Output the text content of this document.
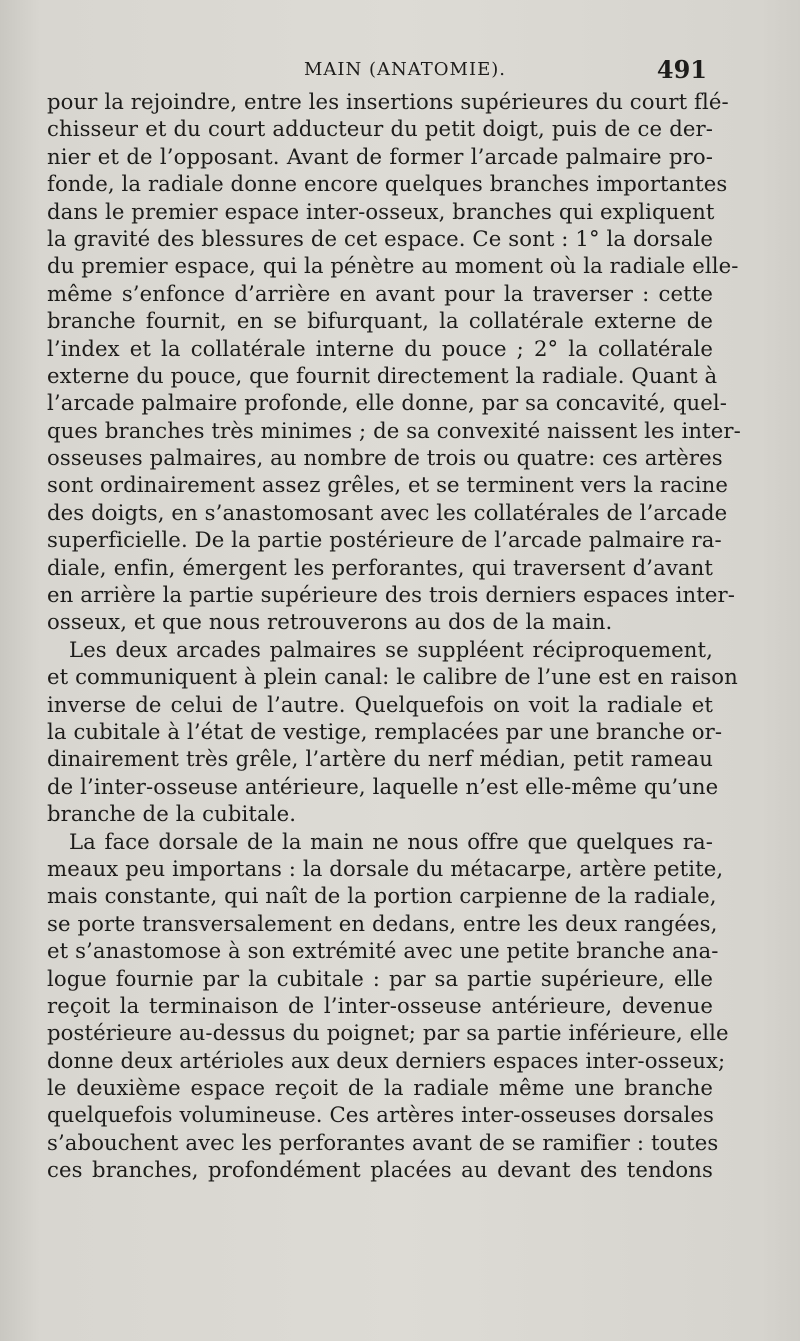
MAIN (ANATOMIE).	491
pour la rejoindre, entre les insertions supérieures du court flé-
chisseur et du court adducteur du petit doigt, puis de ce der-
nier et de l’opposant. Avant de former l’arcade palmaire pro-
fonde, la radiale donne encore quelques branches importantes
dans le premier espace inter-osseux, branches qui expliquent
la gravité des blessures de cet espace. Ce sont : 1° la dorsale
du premier espace, qui la pénètre au moment où la radiale elle-
même s’enfonce d’arrière en avant pour la traverser : cette
branche fournit, en se bifurquant, la collatérale externe de
l’index et la collatérale interne du pouce ; 2° la collatérale
externe du pouce, que fournit directement la radiale. Quant à
l’arcade palmaire profonde, elle donne, par sa concavité, quel-
ques branches très minimes ; de sa convexité naissent les inter-
osseuses palmaires, au nombre de trois ou quatre: ces artères
sont ordinairement assez grêles, et se terminent vers la racine
des doigts, en s’anastomosant avec les collatérales de l’arcade
superficielle. De la partie postérieure de l’arcade palmaire ra-
diale, enfin, émergent les perforantes, qui traversent d’avant
en arrière la partie supérieure des trois derniers espaces inter-
osseux, et que nous retrouverons au dos de la main.
Les deux arcades palmaires se suppléent réciproquement,
et communiquent à plein canal: le calibre de l’une est en raison
inverse de celui de l’autre. Quelquefois on voit la radiale et
la cubitale à l’état de vestige, remplacées par une branche or-
dinairement très grêle, l’artère du nerf médian, petit rameau
de l’inter-osseuse antérieure, laquelle n’est elle-même qu’une
branche de la cubitale.
La face dorsale de la main ne nous offre que quelques ra-
meaux peu importans : la dorsale du métacarpe, artère petite,
mais constante, qui naît de la portion carpienne de la radiale,
se porte transversalement en dedans, entre les deux rangées,
et s’anastomose à son extrémité avec une petite branche ana-
logue fournie par la cubitale : par sa partie supérieure, elle
reçoit la terminaison de l’inter-osseuse antérieure, devenue
postérieure au-dessus du poignet; par sa partie inférieure, elle
donne deux artérioles aux deux derniers espaces inter-osseux;
le deuxième espace reçoit de la radiale même une branche
quelquefois volumineuse. Ces artères inter-osseuses dorsales
s’abouchent avec les perforantes avant de se ramifier : toutes
ces branches, profondément placées au devant des tendons
